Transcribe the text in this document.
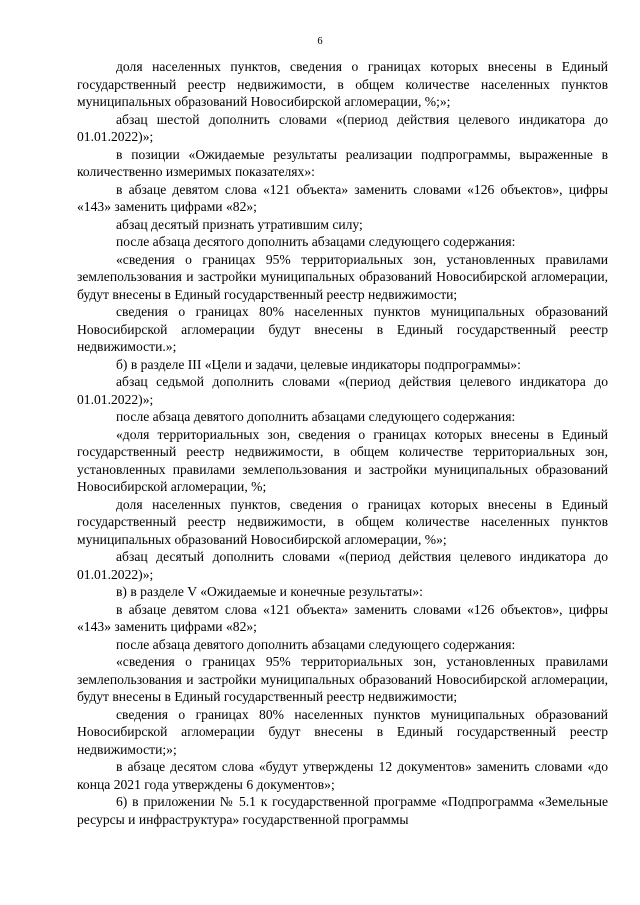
6

доля населенных пунктов, сведения о границах которых внесены в Единый государственный реестр недвижимости, в общем количестве населенных пунктов муниципальных образований Новосибирской агломерации, %;»;

абзац шестой дополнить словами «(период действия целевого индикатора до 01.01.2022)»;

в позиции «Ожидаемые результаты реализации подпрограммы, выраженные в количественно измеримых показателях»:

в абзаце девятом слова «121 объекта» заменить словами «126 объектов», цифры «143» заменить цифрами «82»;

абзац десятый признать утратившим силу;

после абзаца десятого дополнить абзацами следующего содержания:

«сведения о границах 95% территориальных зон, установленных правилами землепользования и застройки муниципальных образований Новосибирской агломерации, будут внесены в Единый государственный реестр недвижимости;

сведения о границах 80% населенных пунктов муниципальных образований Новосибирской агломерации будут внесены в Единый государственный реестр недвижимости.»;

б) в разделе III «Цели и задачи, целевые индикаторы подпрограммы»:

абзац седьмой дополнить словами «(период действия целевого индикатора до 01.01.2022)»;

после абзаца девятого дополнить абзацами следующего содержания:

«доля территориальных зон, сведения о границах которых внесены в Единый государственный реестр недвижимости, в общем количестве территориальных зон, установленных правилами землепользования и застройки муниципальных образований Новосибирской агломерации, %;

доля населенных пунктов, сведения о границах которых внесены в Единый государственный реестр недвижимости, в общем количестве населенных пунктов муниципальных образований Новосибирской агломерации, %»;

абзац десятый дополнить словами «(период действия целевого индикатора до 01.01.2022)»;

в) в разделе V «Ожидаемые и конечные результаты»:

в абзаце девятом слова «121 объекта» заменить словами «126 объектов», цифры «143» заменить цифрами «82»;

после абзаца девятого дополнить абзацами следующего содержания:

«сведения о границах 95% территориальных зон, установленных правилами землепользования и застройки муниципальных образований Новосибирской агломерации, будут внесены в Единый государственный реестр недвижимости;

сведения о границах 80% населенных пунктов муниципальных образований Новосибирской агломерации будут внесены в Единый государственный реестр недвижимости;»;

в абзаце десятом слова «будут утверждены 12 документов» заменить словами «до конца 2021 года утверждены 6 документов»;

6) в приложении № 5.1 к государственной программе «Подпрограмма «Земельные ресурсы и инфраструктура» государственной программы
